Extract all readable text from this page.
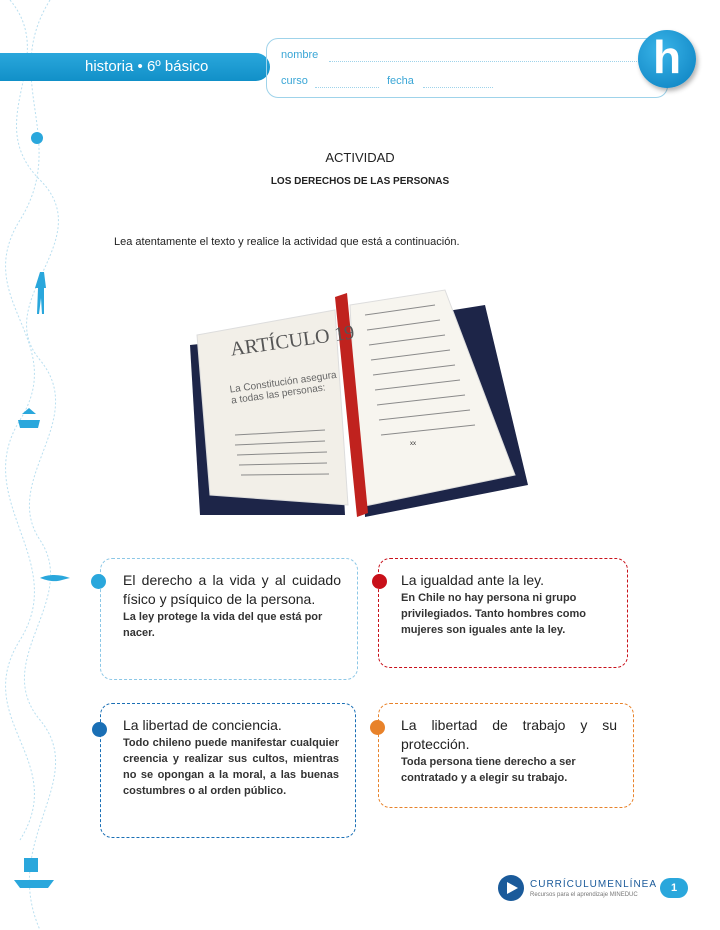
historia • 6º básico
nombre
curso	fecha	h
ACTIVIDAD
LOS DERECHOS DE LAS PERSONAS
Lea atentamente el texto y realice la actividad que está a continuación.
ARTÍCULO 19
La Constitución asegura a todas las personas:
xx
El derecho a la vida y al cuidado físico y psíquico de la persona.
La ley protege la vida del que está por nacer.
La igualdad ante la ley.
En Chile no hay persona ni grupo privilegiados. Tanto hombres como mujeres son iguales ante la ley.
La libertad de conciencia.
Todo chileno puede manifestar cualquier creencia y realizar sus cultos, mientras no se opongan a la moral, a las buenas costumbres o al orden público.
La libertad de trabajo y su protección.
Toda persona tiene derecho a ser contratado y a elegir su trabajo.
CURRÍCULUMENLÍNEA
Recursos para el aprendizaje MINEDUC
1
